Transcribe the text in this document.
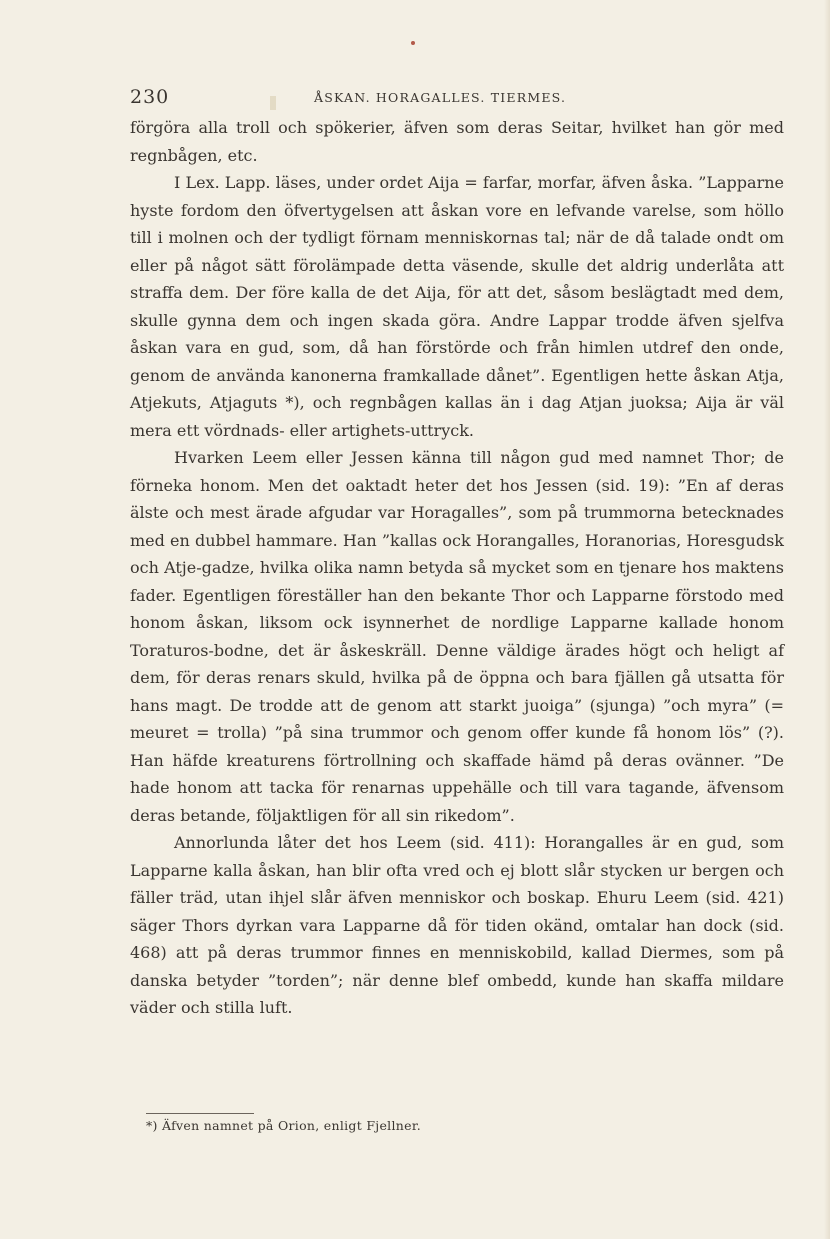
230	ÅSKAN. HORAGALLES. TIERMES.

förgöra alla troll och spökerier, äfven som deras Seitar, hvilket han gör med regnbågen, etc.

I Lex. Lapp. läses, under ordet Aija = farfar, morfar, äfven åska. ”Lapparne hyste fordom den öfvertygelsen att åskan vore en lefvande varelse, som höllo till i molnen och der tydligt förnam menniskornas tal; när de då talade ondt om eller på något sätt förolämpade detta väsende, skulle det aldrig underlåta att straffa dem. Der före kalla de det Aija, för att det, såsom beslägtadt med dem, skulle gynna dem och ingen skada göra. Andre Lappar trodde äfven sjelfva åskan vara en gud, som, då han förstörde och från himlen utdref den onde, genom de använda kanonerna framkallade dånet”. Egentligen hette åskan Atja, Atjekuts, Atjaguts *), och regnbågen kallas än i dag Atjan juoksa; Aija är väl mera ett vördnads- eller artighets-uttryck.

Hvarken Leem eller Jessen känna till någon gud med namnet Thor; de förneka honom. Men det oaktadt heter det hos Jessen (sid. 19): ”En af deras älste och mest ärade afgudar var Horagalles”, som på trummorna betecknades med en dubbel hammare. Han ”kallas ock Horangalles, Horanorias, Horesgudsk och Atje-gadze, hvilka olika namn betyda så mycket som en tjenare hos maktens fader. Egentligen föreställer han den bekante Thor och Lapparne förstodo med honom åskan, liksom ock isynnerhet de nordlige Lapparne kallade honom Toraturos-bodne, det är åskeskräll. Denne väldige ärades högt och heligt af dem, för deras renars skuld, hvilka på de öppna och bara fjällen gå utsatta för hans magt. De trodde att de genom att starkt juoiga” (sjunga) ”och myra” (= meuret = trolla) ”på sina trummor och genom offer kunde få honom lös” (?). Han häfde kreaturens förtrollning och skaffade hämd på deras ovänner. ”De hade honom att tacka för renarnas uppehälle och till vara tagande, äfvensom deras betande, följaktligen för all sin rikedom”.

Annorlunda låter det hos Leem (sid. 411): Horangalles är en gud, som Lapparne kalla åskan, han blir ofta vred och ej blott slår stycken ur bergen och fäller träd, utan ihjel slår äfven menniskor och boskap. Ehuru Leem (sid. 421) säger Thors dyrkan vara Lapparne då för tiden okänd, omtalar han dock (sid. 468) att på deras trummor finnes en menniskobild, kallad Diermes, som på danska betyder ”torden”; när denne blef ombedd, kunde han skaffa mildare väder och stilla luft.

*) Äfven namnet på Orion, enligt Fjellner.
